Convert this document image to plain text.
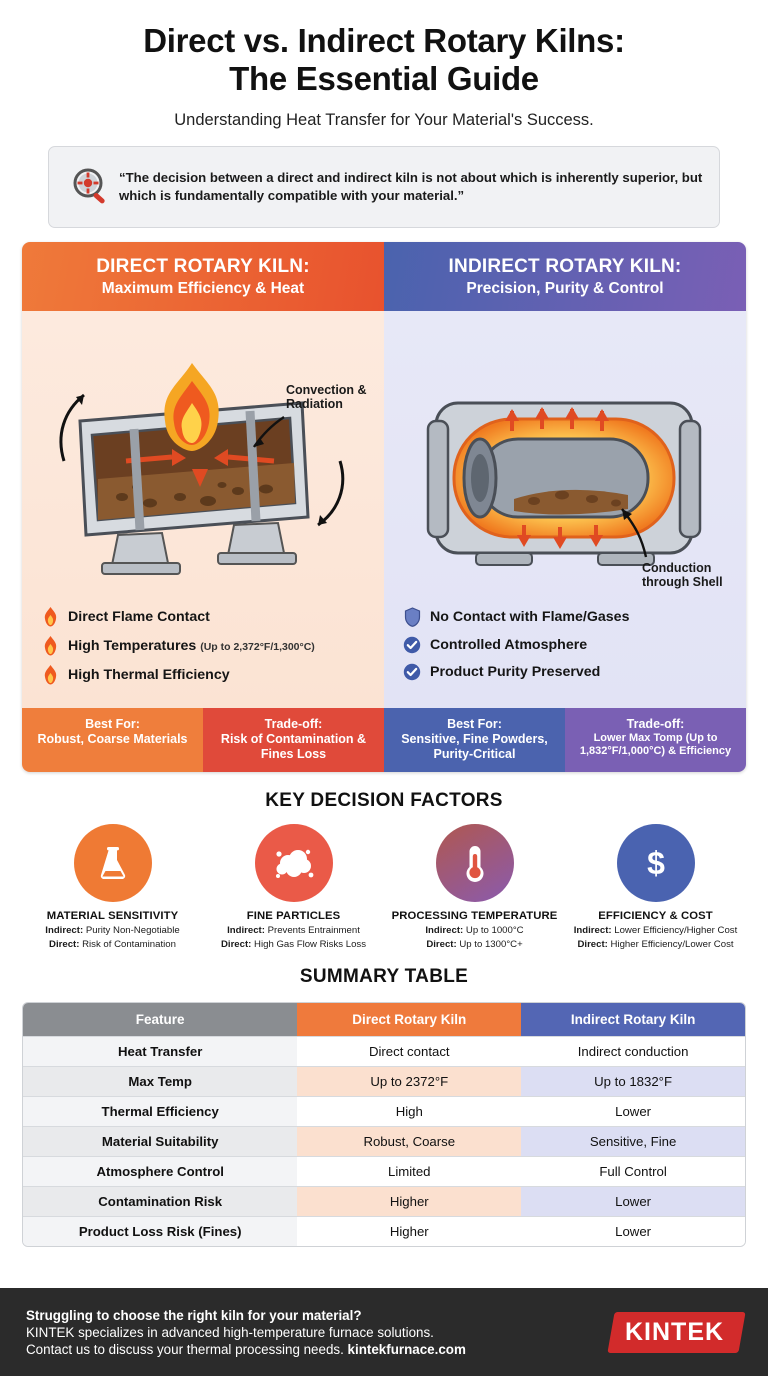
Direct vs. Indirect Rotary Kilns:
The Essential Guide
Understanding Heat Transfer for Your Material's Success.
“The decision between a direct and indirect kiln is not about which is inherently superior, but which is fundamentally compatible with your material.”
DIRECT ROTARY KILN:
Maximum Efficiency & Heat
INDIRECT ROTARY KILN:
Precision, Purity & Control
Convection & Radiation
Direct Flame Contact
High Temperatures (Up to 2,372°F/1,300°C)
High Thermal Efficiency
Conduction through Shell
No Contact with Flame/Gases
Controlled Atmosphere
Product Purity Preserved
Best For:
Robust, Coarse Materials
Trade-off:
Risk of Contamination & Fines Loss
Best For:
Sensitive, Fine Powders, Purity-Critical
Trade-off:
Lower Max Tomp (Up to 1,832°F/1,000°C) & Efficiency
KEY DECISION FACTORS
MATERIAL SENSITIVITY
Indirect: Purity Non-Negotiable
Direct: Risk of Contamination
FINE PARTICLES
Indirect: Prevents Entrainment
Direct: High Gas Flow Risks Loss
PROCESSING TEMPERATURE
Indirect: Up to 1000°C
Direct: Up to 1300°C+
$
EFFICIENCY & COST
Indirect: Lower Efficiency/Higher Cost
Direct: Higher Efficiency/Lower Cost
SUMMARY TABLE
Feature	Direct Rotary Kiln	Indirect Rotary Kiln
Heat Transfer	Direct contact	Indirect conduction
Max Temp	Up to 2372°F	Up to 1832°F
Thermal Efficiency	High	Lower
Material Suitability	Robust, Coarse	Sensitive, Fine
Atmosphere Control	Limited	Full Control
Contamination Risk	Higher	Lower
Product Loss Risk (Fines)	Higher	Lower
Struggling to choose the right kiln for your material?
KINTEK specializes in advanced high-temperature furnace solutions.
Contact us to discuss your thermal processing needs. kintekfurnace.com
KINTEK
